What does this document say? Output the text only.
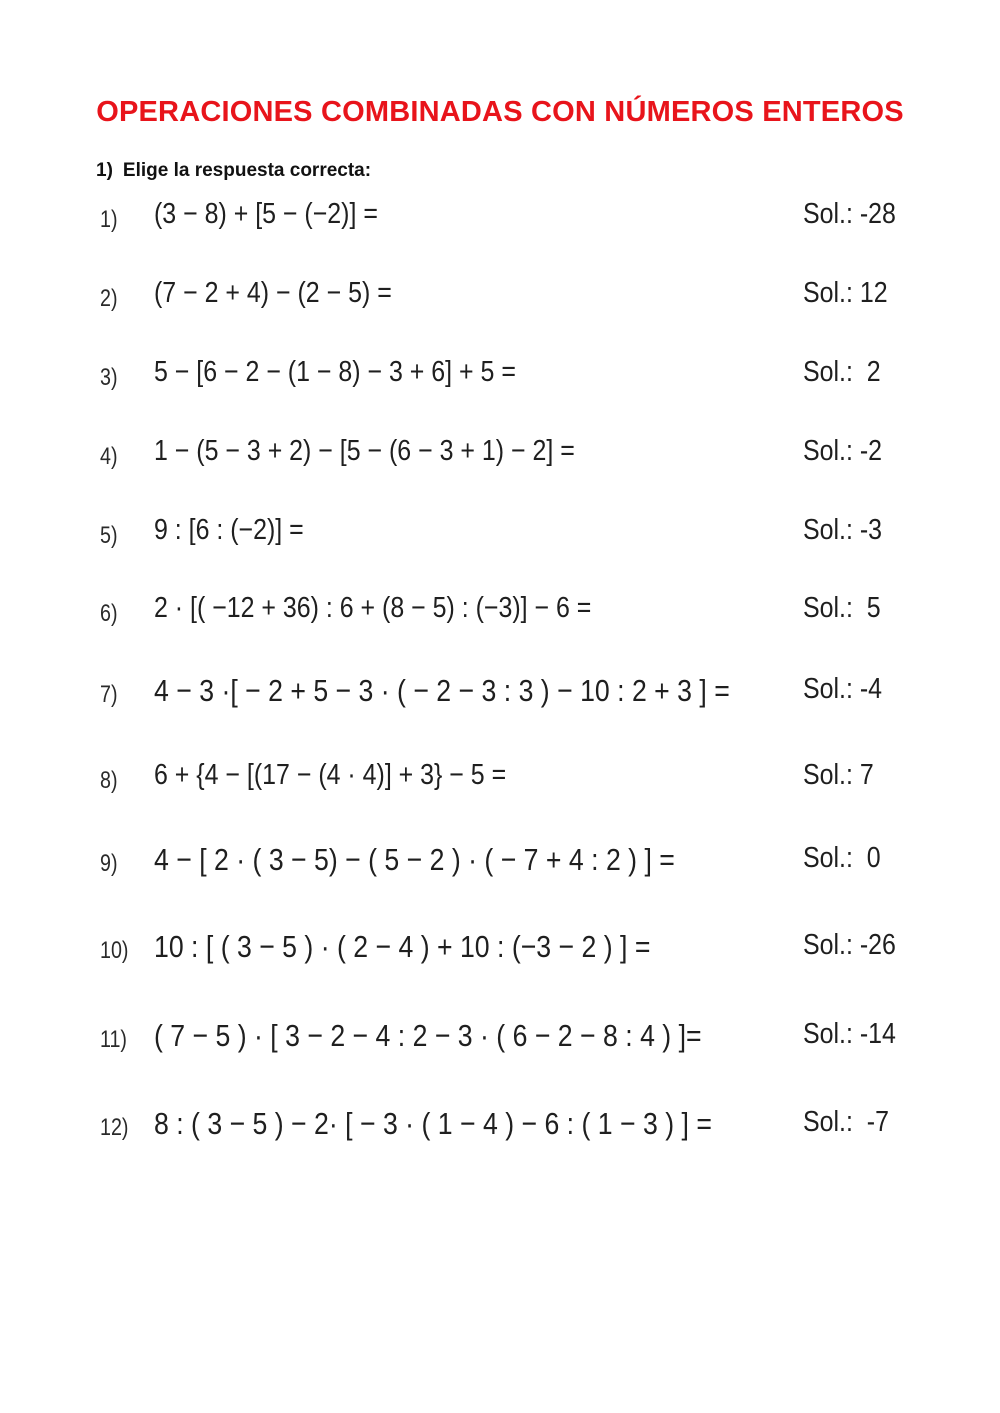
OPERACIONES COMBINADAS CON NÚMEROS ENTEROS
1) Elige la respuesta correcta:
1) (3 − 8) + [5 − (−2)] =	Sol.: -28
2) (7 − 2 + 4) − (2 − 5) =	Sol.: 12
3) 5 − [6 − 2 − (1 − 8) − 3 + 6] + 5 =	Sol.:  2
4) 1 − (5 − 3 + 2) − [5 − (6 − 3 + 1) − 2] =	Sol.: -2
5) 9 : [6 : (−2)] =	Sol.: -3
6) 2 · [( −12 + 36) : 6 + (8 − 5) : (−3)] − 6 =	Sol.:  5
7) 4 − 3 ·[ − 2 + 5 − 3 · ( − 2 − 3 : 3 ) − 10 : 2 + 3 ] =	Sol.: -4
8) 6 + {4 − [(17 − (4 · 4)] + 3} − 5 =	Sol.: 7
9) 4 − [ 2 · ( 3 − 5) − ( 5 − 2 ) · ( − 7 + 4 : 2 ) ] =	Sol.:  0
10) 10 : [ ( 3 − 5 ) · ( 2 − 4 ) + 10 : (−3 − 2 ) ] =	Sol.: -26
11) ( 7 − 5 ) · [ 3 − 2 − 4 : 2 − 3 · ( 6 − 2 − 8 : 4 ) ]=	Sol.: -14
12) 8 : ( 3 − 5 ) − 2· [ − 3 · ( 1 − 4 ) − 6 : ( 1 − 3 ) ] =	Sol.:  -7
